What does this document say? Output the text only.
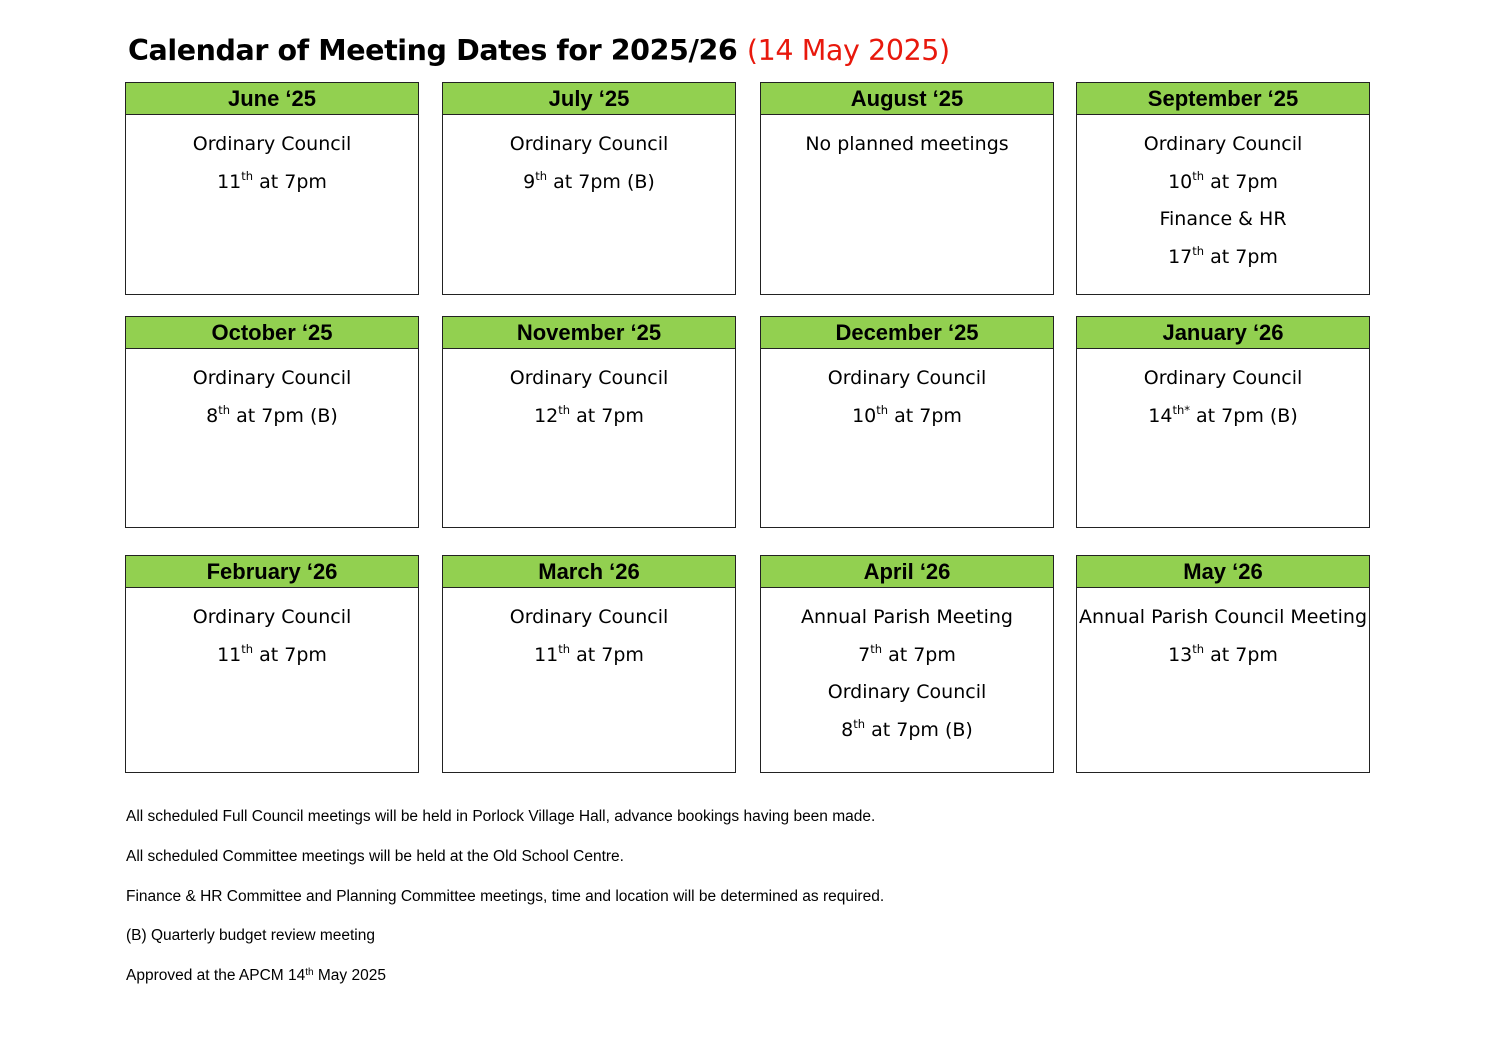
Calendar of Meeting Dates for 2025/26 (14 May 2025)
June ‘25
Ordinary Council
11th at 7pm
July ‘25
Ordinary Council
9th at 7pm (B)
August ‘25
No planned meetings
September ‘25
Ordinary Council
10th at 7pm
Finance & HR
17th at 7pm
October ‘25
Ordinary Council
8th at 7pm (B)
November ‘25
Ordinary Council
12th at 7pm
December ‘25
Ordinary Council
10th at 7pm
January ‘26
Ordinary Council
$14^{th*}$ at 7pm (B)
February ‘26
Ordinary Council
11th at 7pm
March ‘26
Ordinary Council
11th at 7pm
April ‘26
Annual Parish Meeting
7th at 7pm
Ordinary Council
8th at 7pm (B)
May ‘26
Annual Parish Council Meeting
13th at 7pm
All scheduled Full Council meetings will be held in Porlock Village Hall, advance bookings having been made.
All scheduled Committee meetings will be held at the Old School Centre.
Finance & HR Committee and Planning Committee meetings, time and location will be determined as required.
(B) Quarterly budget review meeting
Approved at the APCM 14th May 2025
